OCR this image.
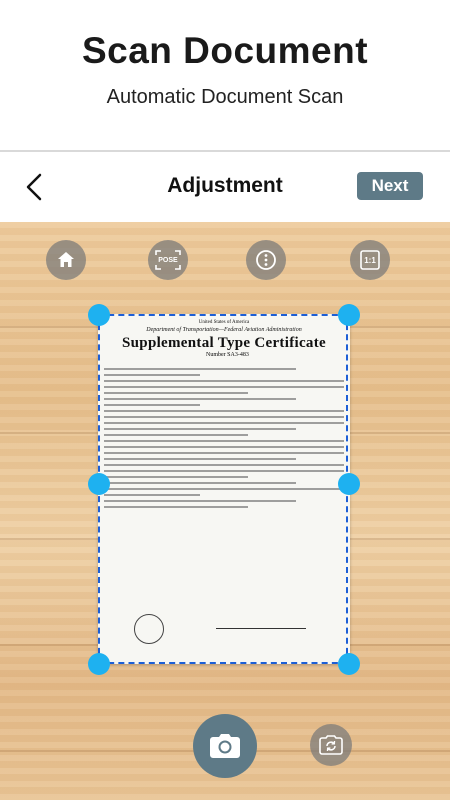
Scan Document
Automatic Document Scan
Adjustment	Next
POSE	1:1
United States of America
Department of Transportation—Federal Aviation Administration
Supplemental Type Certificate
Number SA3-483
